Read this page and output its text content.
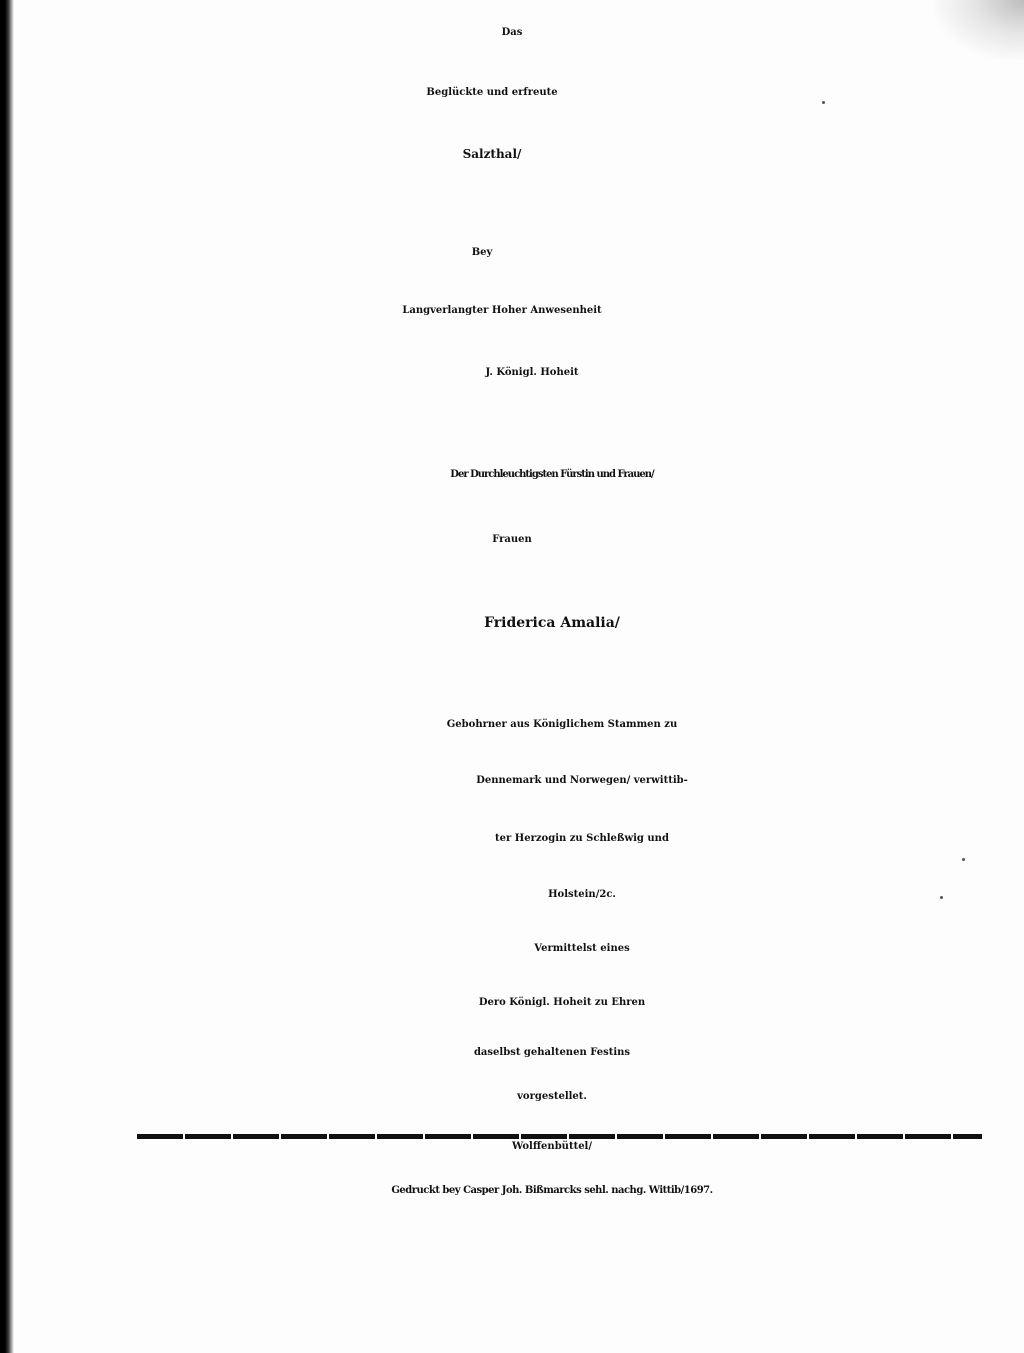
Das
Beglückte und erfreute
Salzthal/
Bey
Langverlangter Hoher Anwesenheit
J. Königl. Hoheit
Der Durchleuchtigsten Fürstin und Frauen/
Frauen
Friderica Amalia/
Gebohrner aus Königlichem Stammen zu
Dennemark und Norwegen/ verwittib-
ter Herzogin zu Schleßwig und
Holstein/2c.
Vermittelst eines
Dero Königl. Hoheit zu Ehren
daselbst gehaltenen Festins
vorgestellet.
Wolffenbüttel/
Gedruckt bey Casper Joh. Bißmarcks sehl. nachg. Wittib/1697.
